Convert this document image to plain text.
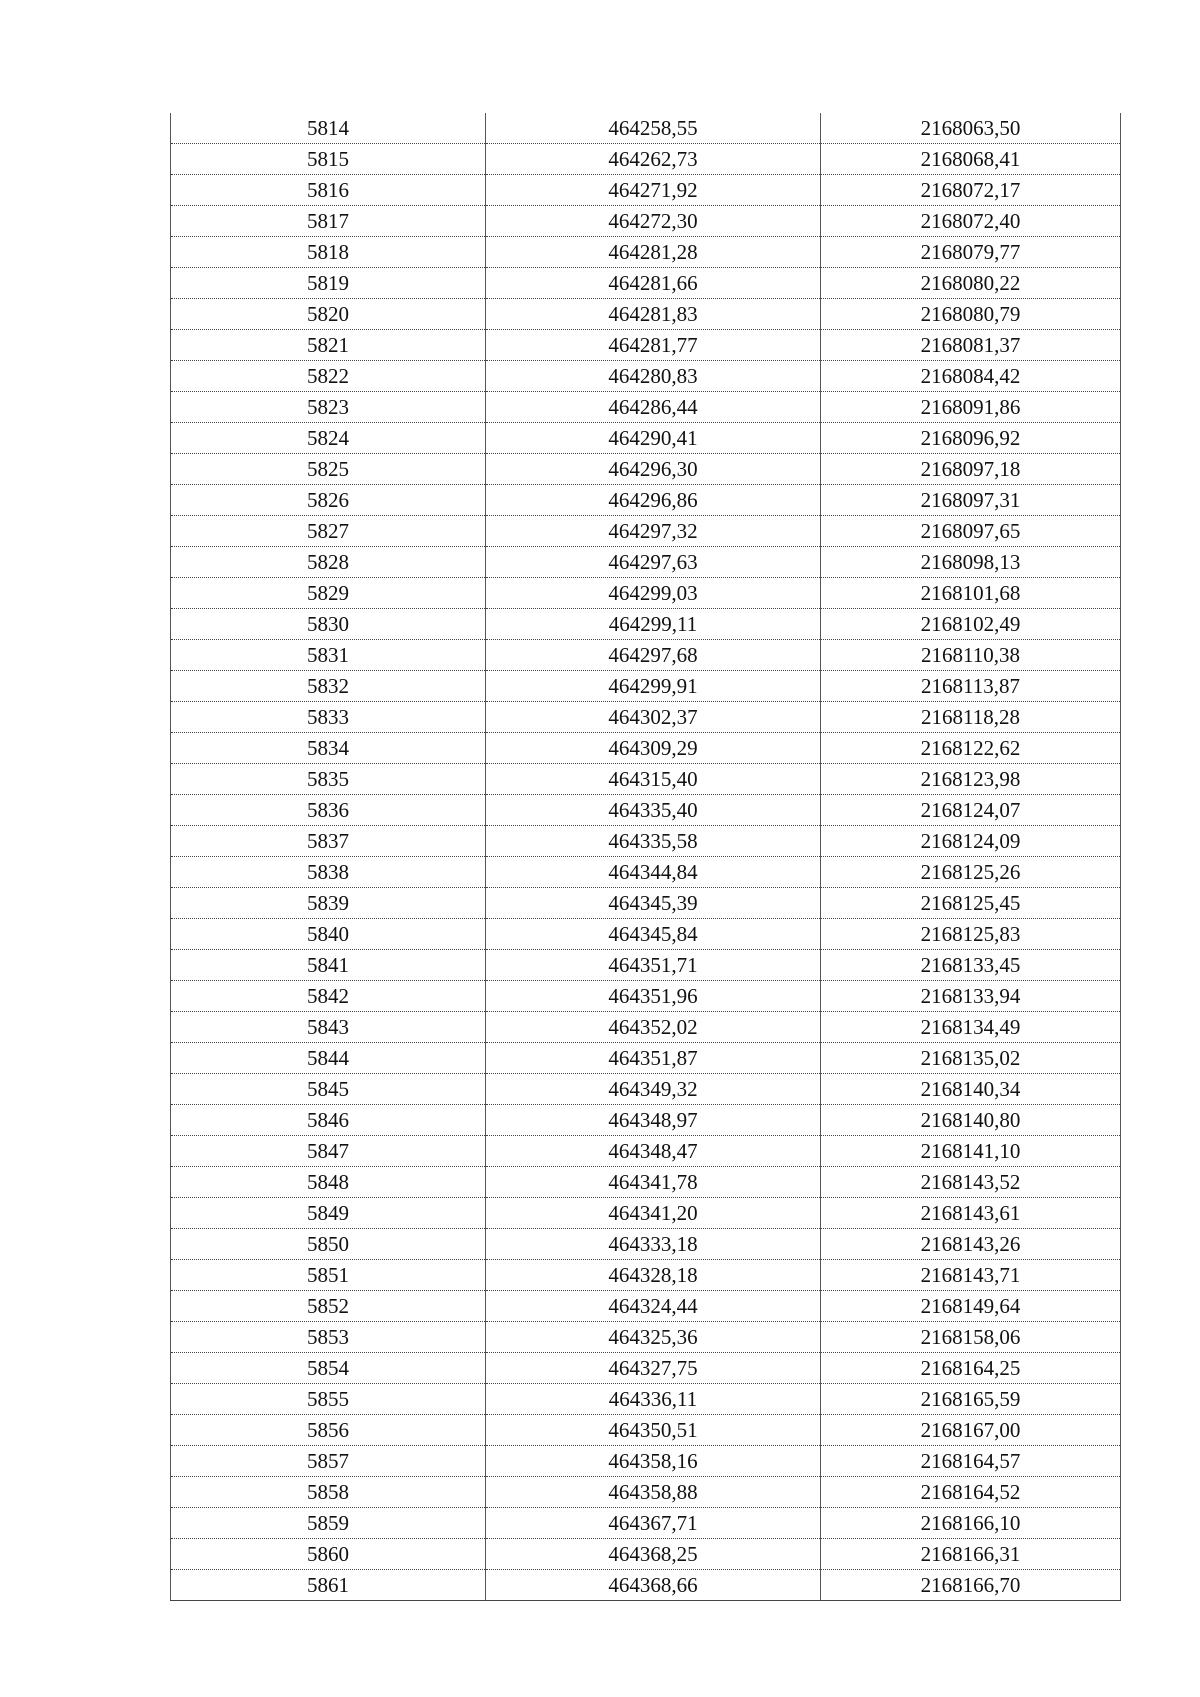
5814	464258,55	2168063,50
5815	464262,73	2168068,41
5816	464271,92	2168072,17
5817	464272,30	2168072,40
5818	464281,28	2168079,77
5819	464281,66	2168080,22
5820	464281,83	2168080,79
5821	464281,77	2168081,37
5822	464280,83	2168084,42
5823	464286,44	2168091,86
5824	464290,41	2168096,92
5825	464296,30	2168097,18
5826	464296,86	2168097,31
5827	464297,32	2168097,65
5828	464297,63	2168098,13
5829	464299,03	2168101,68
5830	464299,11	2168102,49
5831	464297,68	2168110,38
5832	464299,91	2168113,87
5833	464302,37	2168118,28
5834	464309,29	2168122,62
5835	464315,40	2168123,98
5836	464335,40	2168124,07
5837	464335,58	2168124,09
5838	464344,84	2168125,26
5839	464345,39	2168125,45
5840	464345,84	2168125,83
5841	464351,71	2168133,45
5842	464351,96	2168133,94
5843	464352,02	2168134,49
5844	464351,87	2168135,02
5845	464349,32	2168140,34
5846	464348,97	2168140,80
5847	464348,47	2168141,10
5848	464341,78	2168143,52
5849	464341,20	2168143,61
5850	464333,18	2168143,26
5851	464328,18	2168143,71
5852	464324,44	2168149,64
5853	464325,36	2168158,06
5854	464327,75	2168164,25
5855	464336,11	2168165,59
5856	464350,51	2168167,00
5857	464358,16	2168164,57
5858	464358,88	2168164,52
5859	464367,71	2168166,10
5860	464368,25	2168166,31
5861	464368,66	2168166,70
